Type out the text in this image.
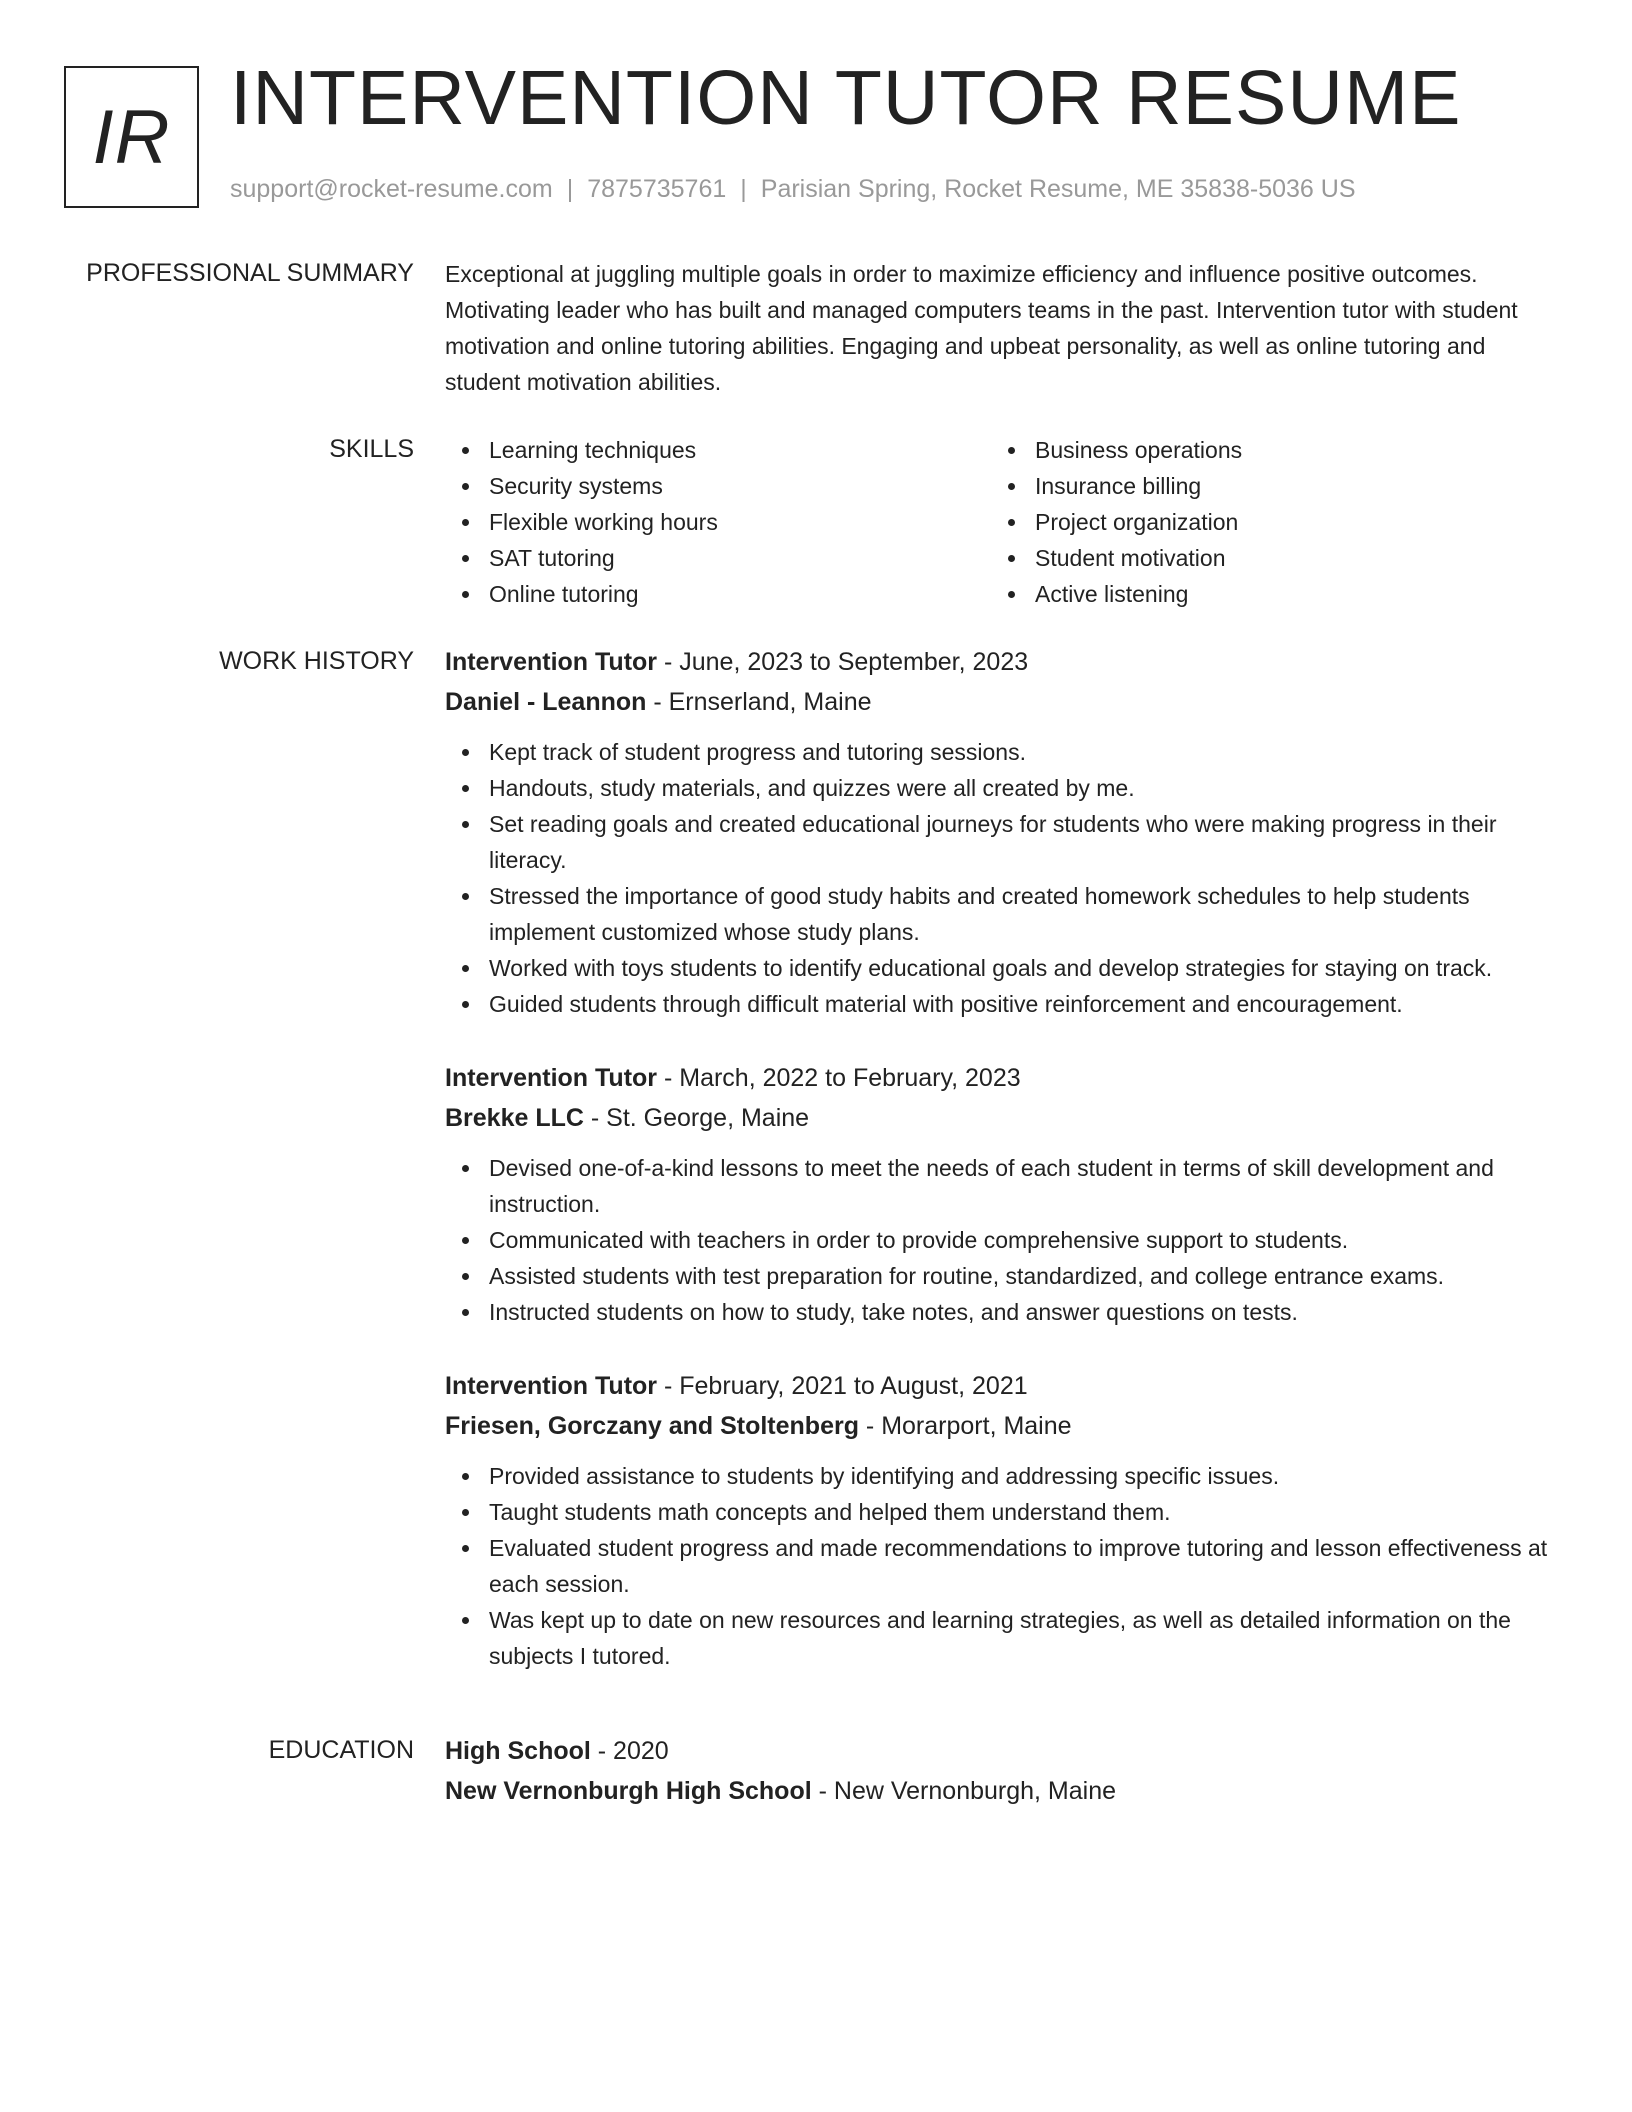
IR INTERVENTION TUTOR RESUME
support@rocket-resume.com | 7875735761 | Parisian Spring, Rocket Resume, ME 35838-5036 US
PROFESSIONAL SUMMARY Exceptional at juggling multiple goals in order to maximize efficiency and influence positive outcomes. Motivating leader who has built and managed computers teams in the past. Intervention tutor with student motivation and online tutoring abilities. Engaging and upbeat personality, as well as online tutoring and student motivation abilities.
SKILLS	Learning techniques
Security systems
Flexible working hours
SAT tutoring
Online tutoring
Business operations
Insurance billing
Project organization
Student motivation
Active listening
WORK HISTORY Intervention Tutor - June, 2023 to September, 2023
Daniel - Leannon - Ernserland, Maine
Kept track of student progress and tutoring sessions.
Handouts, study materials, and quizzes were all created by me.
Set reading goals and created educational journeys for students who were making progress in their literacy.
Stressed the importance of good study habits and created homework schedules to help students implement customized whose study plans.
Worked with toys students to identify educational goals and develop strategies for staying on track.
Guided students through difficult material with positive reinforcement and encouragement.
Intervention Tutor - March, 2022 to February, 2023
Brekke LLC - St. George, Maine
Devised one-of-a-kind lessons to meet the needs of each student in terms of skill development and instruction.
Communicated with teachers in order to provide comprehensive support to students.
Assisted students with test preparation for routine, standardized, and college entrance exams.
Instructed students on how to study, take notes, and answer questions on tests.
Intervention Tutor - February, 2021 to August, 2021
Friesen, Gorczany and Stoltenberg - Morarport, Maine
Provided assistance to students by identifying and addressing specific issues.
Taught students math concepts and helped them understand them.
Evaluated student progress and made recommendations to improve tutoring and lesson effectiveness at each session.
Was kept up to date on new resources and learning strategies, as well as detailed information on the subjects I tutored.
EDUCATION High School - 2020
New Vernonburgh High School - New Vernonburgh, Maine
